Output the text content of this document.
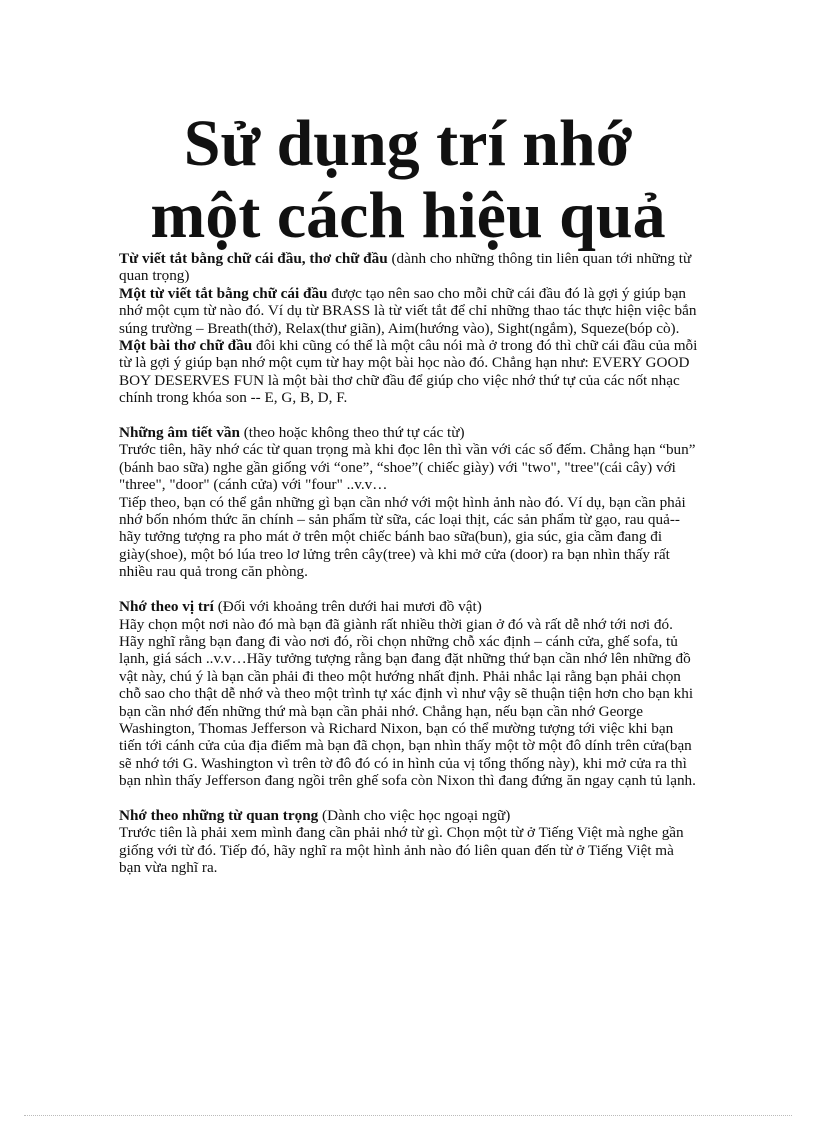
Sử dụng trí nhớ
một cách hiệu quả

Từ viết tắt bằng chữ cái đầu, thơ chữ đầu (dành cho những thông tin liên quan tới những từ quan trọng)

Một từ viết tắt bằng chữ cái đầu được tạo nên sao cho mỗi chữ cái đầu đó là gợi ý giúp bạn nhớ một cụm từ nào đó. Ví dụ từ BRASS là từ viết tắt để chỉ những thao tác thực hiện việc bắn súng trường – Breath(thở), Relax(thư giãn), Aim(hướng vào), Sight(ngắm), Squeze(bóp cò).

Một bài thơ chữ đầu đôi khi cũng có thể là một câu nói mà ở trong đó thì chữ cái đầu của mỗi từ là gợi ý giúp bạn nhớ một cụm từ hay một bài học nào đó. Chẳng hạn như: EVERY GOOD BOY DESERVES FUN là một bài thơ chữ đầu để giúp cho việc nhớ thứ tự của các nốt nhạc chính trong khóa son -- E, G, B, D, F.

Những âm tiết vần (theo hoặc không theo thứ tự các từ)

Trước tiên, hãy nhớ các từ quan trọng mà khi đọc lên thì vần với các số đếm. Chẳng hạn “bun” (bánh bao sữa) nghe gần giống với “one”, “shoe”( chiếc giày) với "two", "tree"(cái cây) với "three", "door" (cánh cửa) với "four" ..v.v…

Tiếp theo, bạn có thể gắn những gì bạn cần nhớ với một hình ảnh nào đó. Ví dụ, bạn cần phải nhớ bốn nhóm thức ăn chính – sản phẩm từ sữa, các loại thịt, các sản phẩm từ gạo, rau quả-- hãy tưởng tượng ra pho mát ở trên một chiếc bánh bao sữa(bun), gia súc, gia cầm đang đi giày(shoe), một bó lúa treo lơ lửng trên cây(tree) và khi mở cửa (door) ra bạn nhìn thấy rất nhiều rau quả trong căn phòng.

Nhớ theo vị trí (Đối với khoảng trên dưới hai mươi đồ vật)

Hãy chọn một nơi nào đó mà bạn đã giành rất nhiều thời gian ở đó và rất dễ nhớ tới nơi đó. Hãy nghĩ rằng bạn đang đi vào nơi đó, rồi chọn những chỗ xác định – cánh cửa, ghế sofa, tủ lạnh, giá sách ..v.v…Hãy tưởng tượng rằng bạn đang đặt những thứ bạn cần nhớ lên những đồ vật này, chú ý là bạn cần phải đi theo một hướng nhất định. Phải nhắc lại rằng bạn phải chọn chỗ sao cho thật dễ nhớ và theo một trình tự xác định vì như vậy sẽ thuận tiện hơn cho bạn khi bạn cần nhớ đến những thứ mà bạn cần phải nhớ. Chẳng hạn, nếu bạn cần nhớ George Washington, Thomas Jefferson và Richard Nixon, bạn có thể mường tượng tới việc khi bạn tiến tới cánh cửa của địa điểm mà bạn đã chọn, bạn nhìn thấy một tờ một đô dính trên cửa(bạn sẽ nhớ tới G. Washington vì trên tờ đô đó có in hình của vị tổng thống này), khi mở cửa ra thì bạn nhìn thấy Jefferson đang ngồi trên ghế sofa còn Nixon thì đang đứng ăn ngay cạnh tủ lạnh.

Nhớ theo những từ quan trọng (Dành cho việc học ngoại ngữ)

Trước tiên là phải xem mình đang cần phải nhớ từ gì. Chọn một từ ở Tiếng Việt mà nghe gần giống với từ đó. Tiếp đó, hãy nghĩ ra một hình ảnh nào đó liên quan đến từ ở Tiếng Việt mà bạn vừa nghĩ ra.
